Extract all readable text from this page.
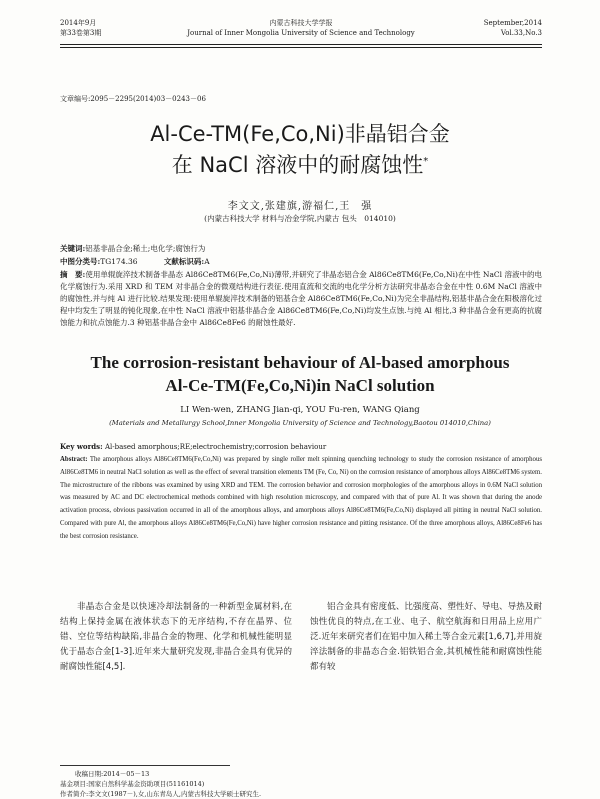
2014年9月
第33卷第3期
内蒙古科技大学学报
Journal of Inner Mongolia University of Science and Technology
September,2014
Vol.33,No.3
文章编号:2095－2295(2014)03－0243－06
Al-Ce-TM(Fe,Co,Ni)非晶铝合金
在 NaCl 溶液中的耐腐蚀性*
李文文,张建旗,游福仁,王　强
(内蒙古科技大学 材料与冶金学院,内蒙古 包头　014010)
关键词:铝基非晶合金;稀土;电化学;腐蚀行为
中图分类号:TG174.36	文献标识码:A
摘　要:使用单辊旋淬技术制备非晶态 Al86Ce8TM6(Fe,Co,Ni)薄带,并研究了非晶态铝合金 Al86Ce8TM6(Fe,Co,Ni)在中性 NaCl 溶液中的电化学腐蚀行为.采用 XRD 和 TEM 对非晶合金的微观结构进行表征.使用直流和交流的电化学分析方法研究非晶态合金在中性 0.6M NaCl 溶液中的腐蚀性,并与纯 Al 进行比较.结果发现:使用单辊旋淬技术制备的铝基合金 Al86Ce8TM6(Fe,Co,Ni)为完全非晶结构,铝基非晶合金在阳极溶化过程中均发生了明显的钝化现象,在中性 NaCl 溶液中铝基非晶合金 Al86Ce8TM6(Fe,Co,Ni)均发生点蚀.与纯 Al 相比,3 种非晶合金有更高的抗腐蚀能力和抗点蚀能力.3 种铝基非晶合金中 Al86Ce8Fe6 的耐蚀性最好.
The corrosion-resistant behaviour of Al-based amorphous
Al-Ce-TM(Fe,Co,Ni)in NaCl solution
LI Wen-wen, ZHANG Jian-qi, YOU Fu-ren, WANG Qiang
(Materials and Metallurgy School,Inner Mongolia University of Science and Technology,Baotou 014010,China)
Key words: Al-based amorphous;RE;electrochemistry;corrosion behaviour
Abstract: The amorphous alloys Al86Ce8TM6(Fe,Co,Ni) was prepared by single roller melt spinning quenching technology to study the corrosion resistance of amorphous Al86Ce8TM6 in neutral NaCl solution as well as the effect of several transition elements TM (Fe, Co, Ni) on the corrosion resistance of amorphous alloys Al86Ce8TM6 system. The microstructure of the ribbons was examined by using XRD and TEM. The corrosion behavior and corrosion morphologies of the amorphous alloys in 0.6M NaCl solution was measured by AC and DC electrochemical methods combined with high resolution microscopy, and compared with that of pure Al. It was shown that during the anode activation process, obvious passivation occurred in all of the amorphous alloys, and amorphous alloys Al86Ce8TM6(Fe,Co,Ni) displayed all pitting in neutral NaCl solution. Compared with pure Al, the amorphous alloys Al86Ce8TM6(Fe,Co,Ni) have higher corrosion resistance and pitting resistance. Of the three amorphous alloys, Al86Ce8Fe6 has the best corrosion resistance.
非晶态合金是以快速冷却法制备的一种新型金属材料,在结构上保持金属在液体状态下的无序结构,不存在晶界、位错、空位等结构缺陷,非晶合金的物理、化学和机械性能明显优于晶态合金[1-3].近年来大量研究发现,非晶合金具有优异的耐腐蚀性能[4,5].
铝合金具有密度低、比强度高、塑性好、导电、导热及耐蚀性优良的特点,在工业、电子、航空航海和日用品上应用广泛.近年来研究者们在铝中加入稀土等合金元素[1,6,7],并用旋淬法制备的非晶态合金.铝铁铝合金,其机械性能和耐腐蚀性能都有较
收稿日期:2014－05－13
基金项目:国家自然科学基金资助项目(51161014)
作者简介:李文文(1987－),女,山东青岛人,内蒙古科技大学硕士研究生.
